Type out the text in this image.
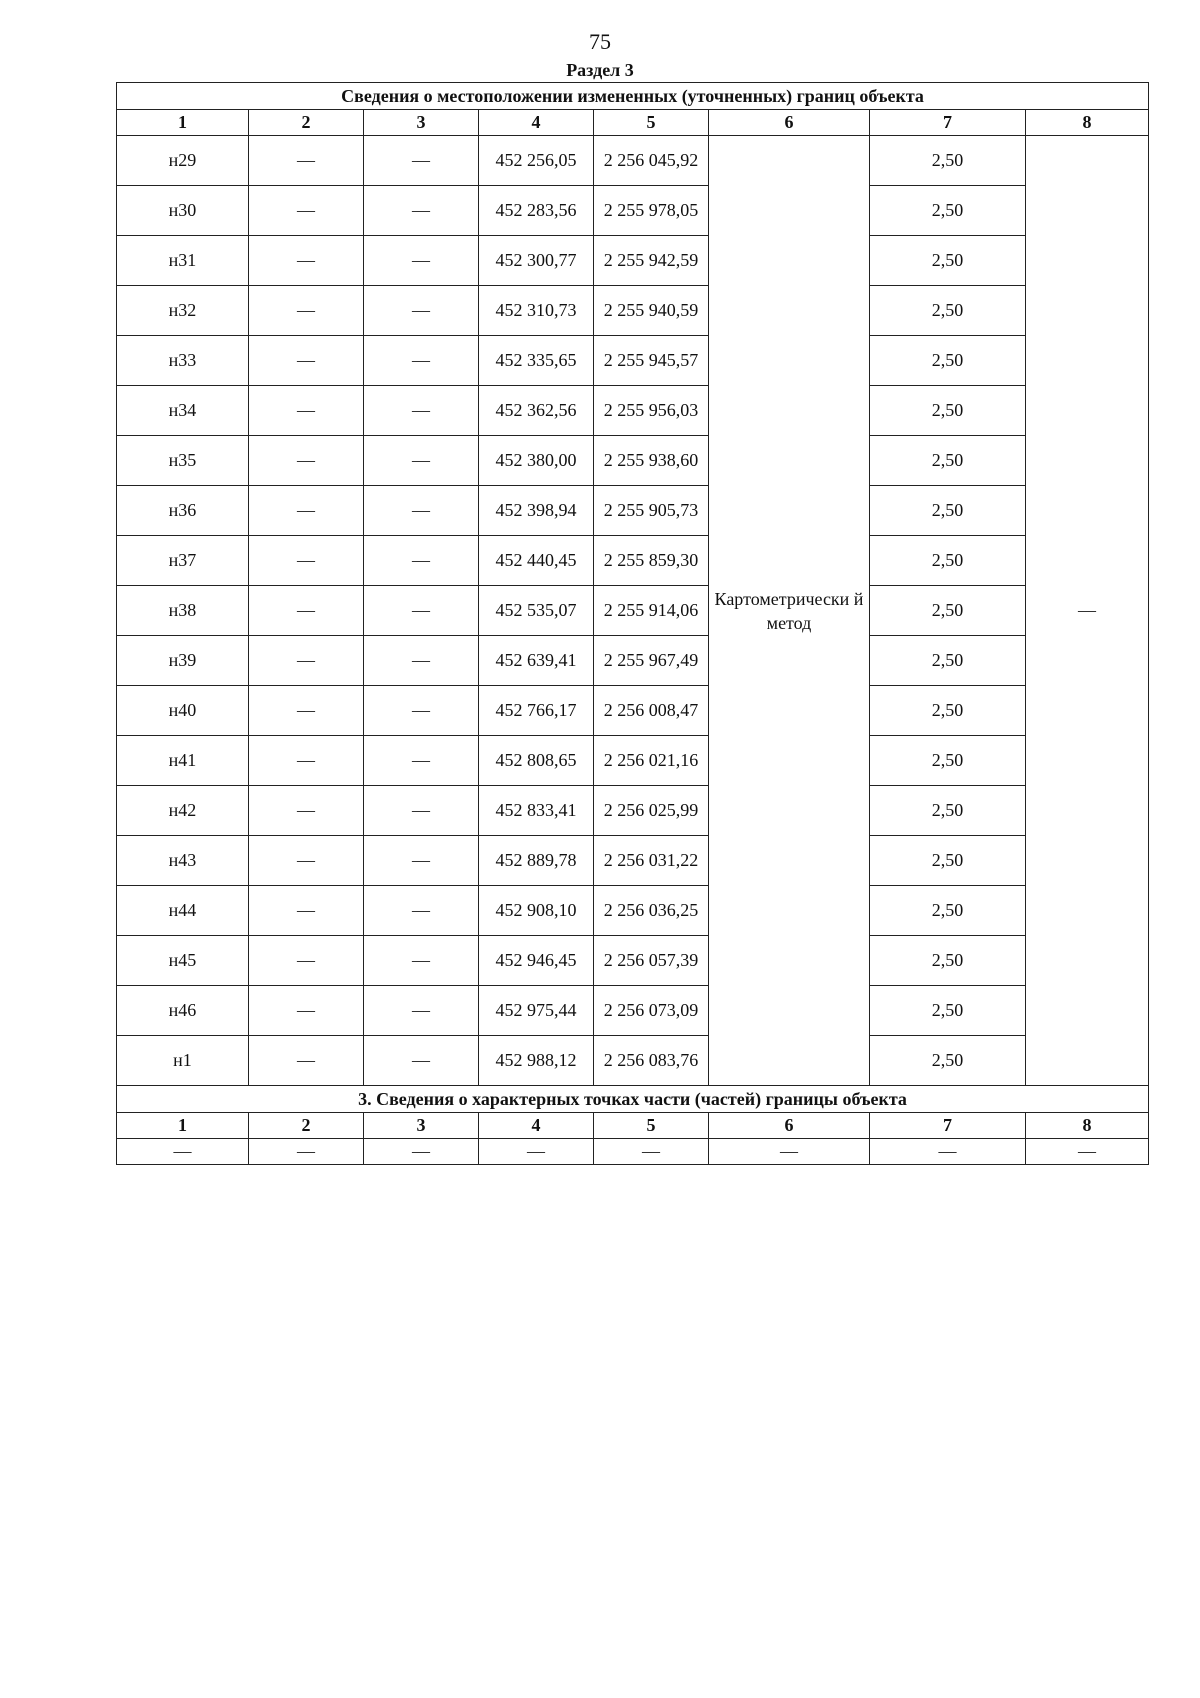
75
Раздел 3
Сведения о местоположении измененных (уточненных) границ объекта							
1	2	3	4	5	6	7	8
н29	—	—	452 256,05	2 256 045,92	Картометрически й метод	2,50	—
н30	—	—	452 283,56	2 255 978,05		2,50	
н31	—	—	452 300,77	2 255 942,59		2,50	
н32	—	—	452 310,73	2 255 940,59		2,50	
н33	—	—	452 335,65	2 255 945,57		2,50	
н34	—	—	452 362,56	2 255 956,03		2,50	
н35	—	—	452 380,00	2 255 938,60		2,50	
н36	—	—	452 398,94	2 255 905,73		2,50	
н37	—	—	452 440,45	2 255 859,30		2,50	
н38	—	—	452 535,07	2 255 914,06		2,50	
н39	—	—	452 639,41	2 255 967,49		2,50	
н40	—	—	452 766,17	2 256 008,47		2,50	
н41	—	—	452 808,65	2 256 021,16		2,50	
н42	—	—	452 833,41	2 256 025,99		2,50	
н43	—	—	452 889,78	2 256 031,22		2,50	
н44	—	—	452 908,10	2 256 036,25		2,50	
н45	—	—	452 946,45	2 256 057,39		2,50	
н46	—	—	452 975,44	2 256 073,09		2,50	
н1	—	—	452 988,12	2 256 083,76		2,50	
3. Сведения о характерных точках части (частей) границы объекта							
1	2	3	4	5	6	7	8
—	—	—	—	—	—	—	—
